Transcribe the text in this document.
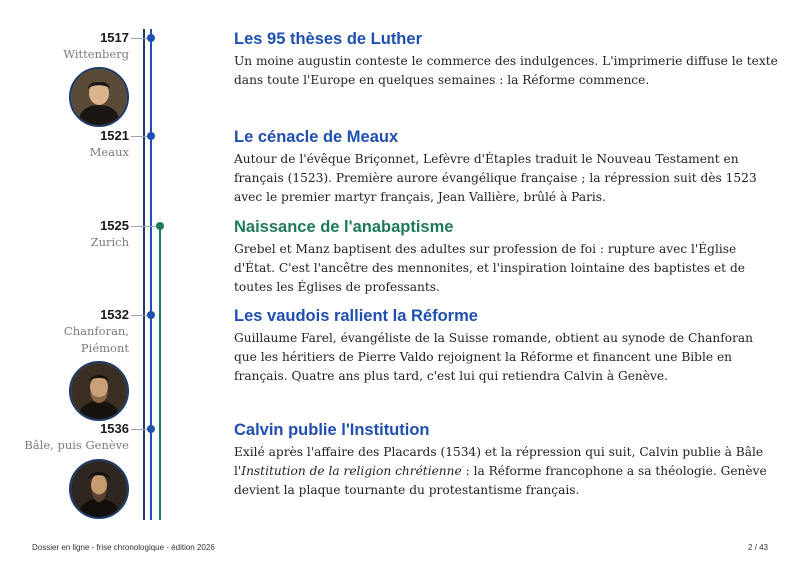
1517
Wittenberg
Les 95 thèses de Luther

Un moine augustin conteste le commerce des indulgences. L'imprimerie diffuse le texte dans toute l'Europe en quelques semaines : la Réforme commence.

1521
Meaux
Le cénacle de Meaux

Autour de l'évêque Briçonnet, Lefèvre d'Étaples traduit le Nouveau Testament en français (1523). Première aurore évangélique française ; la répression suit dès 1523 avec le premier martyr français, Jean Vallière, brûlé à Paris.

1525
Zurich
Naissance de l'anabaptisme

Grebel et Manz baptisent des adultes sur profession de foi : rupture avec l'Église d'État. C'est l'ancêtre des mennonites, et l'inspiration lointaine des baptistes et de toutes les Églises de professants.

1532
Chanforan, Piémont
Les vaudois rallient la Réforme

Guillaume Farel, évangéliste de la Suisse romande, obtient au synode de Chanforan que les héritiers de Pierre Valdo rejoignent la Réforme et financent une Bible en français. Quatre ans plus tard, c'est lui qui retiendra Calvin à Genève.

1536
Bâle, puis Genève
Calvin publie l'Institution

Exilé après l'affaire des Placards (1534) et la répression qui suit, Calvin publie à Bâle l'Institution de la religion chrétienne : la Réforme francophone a sa théologie. Genève devient la plaque tournante du protestantisme français.

Dossier en ligne - frise chronologique - édition 2026	2 / 43
